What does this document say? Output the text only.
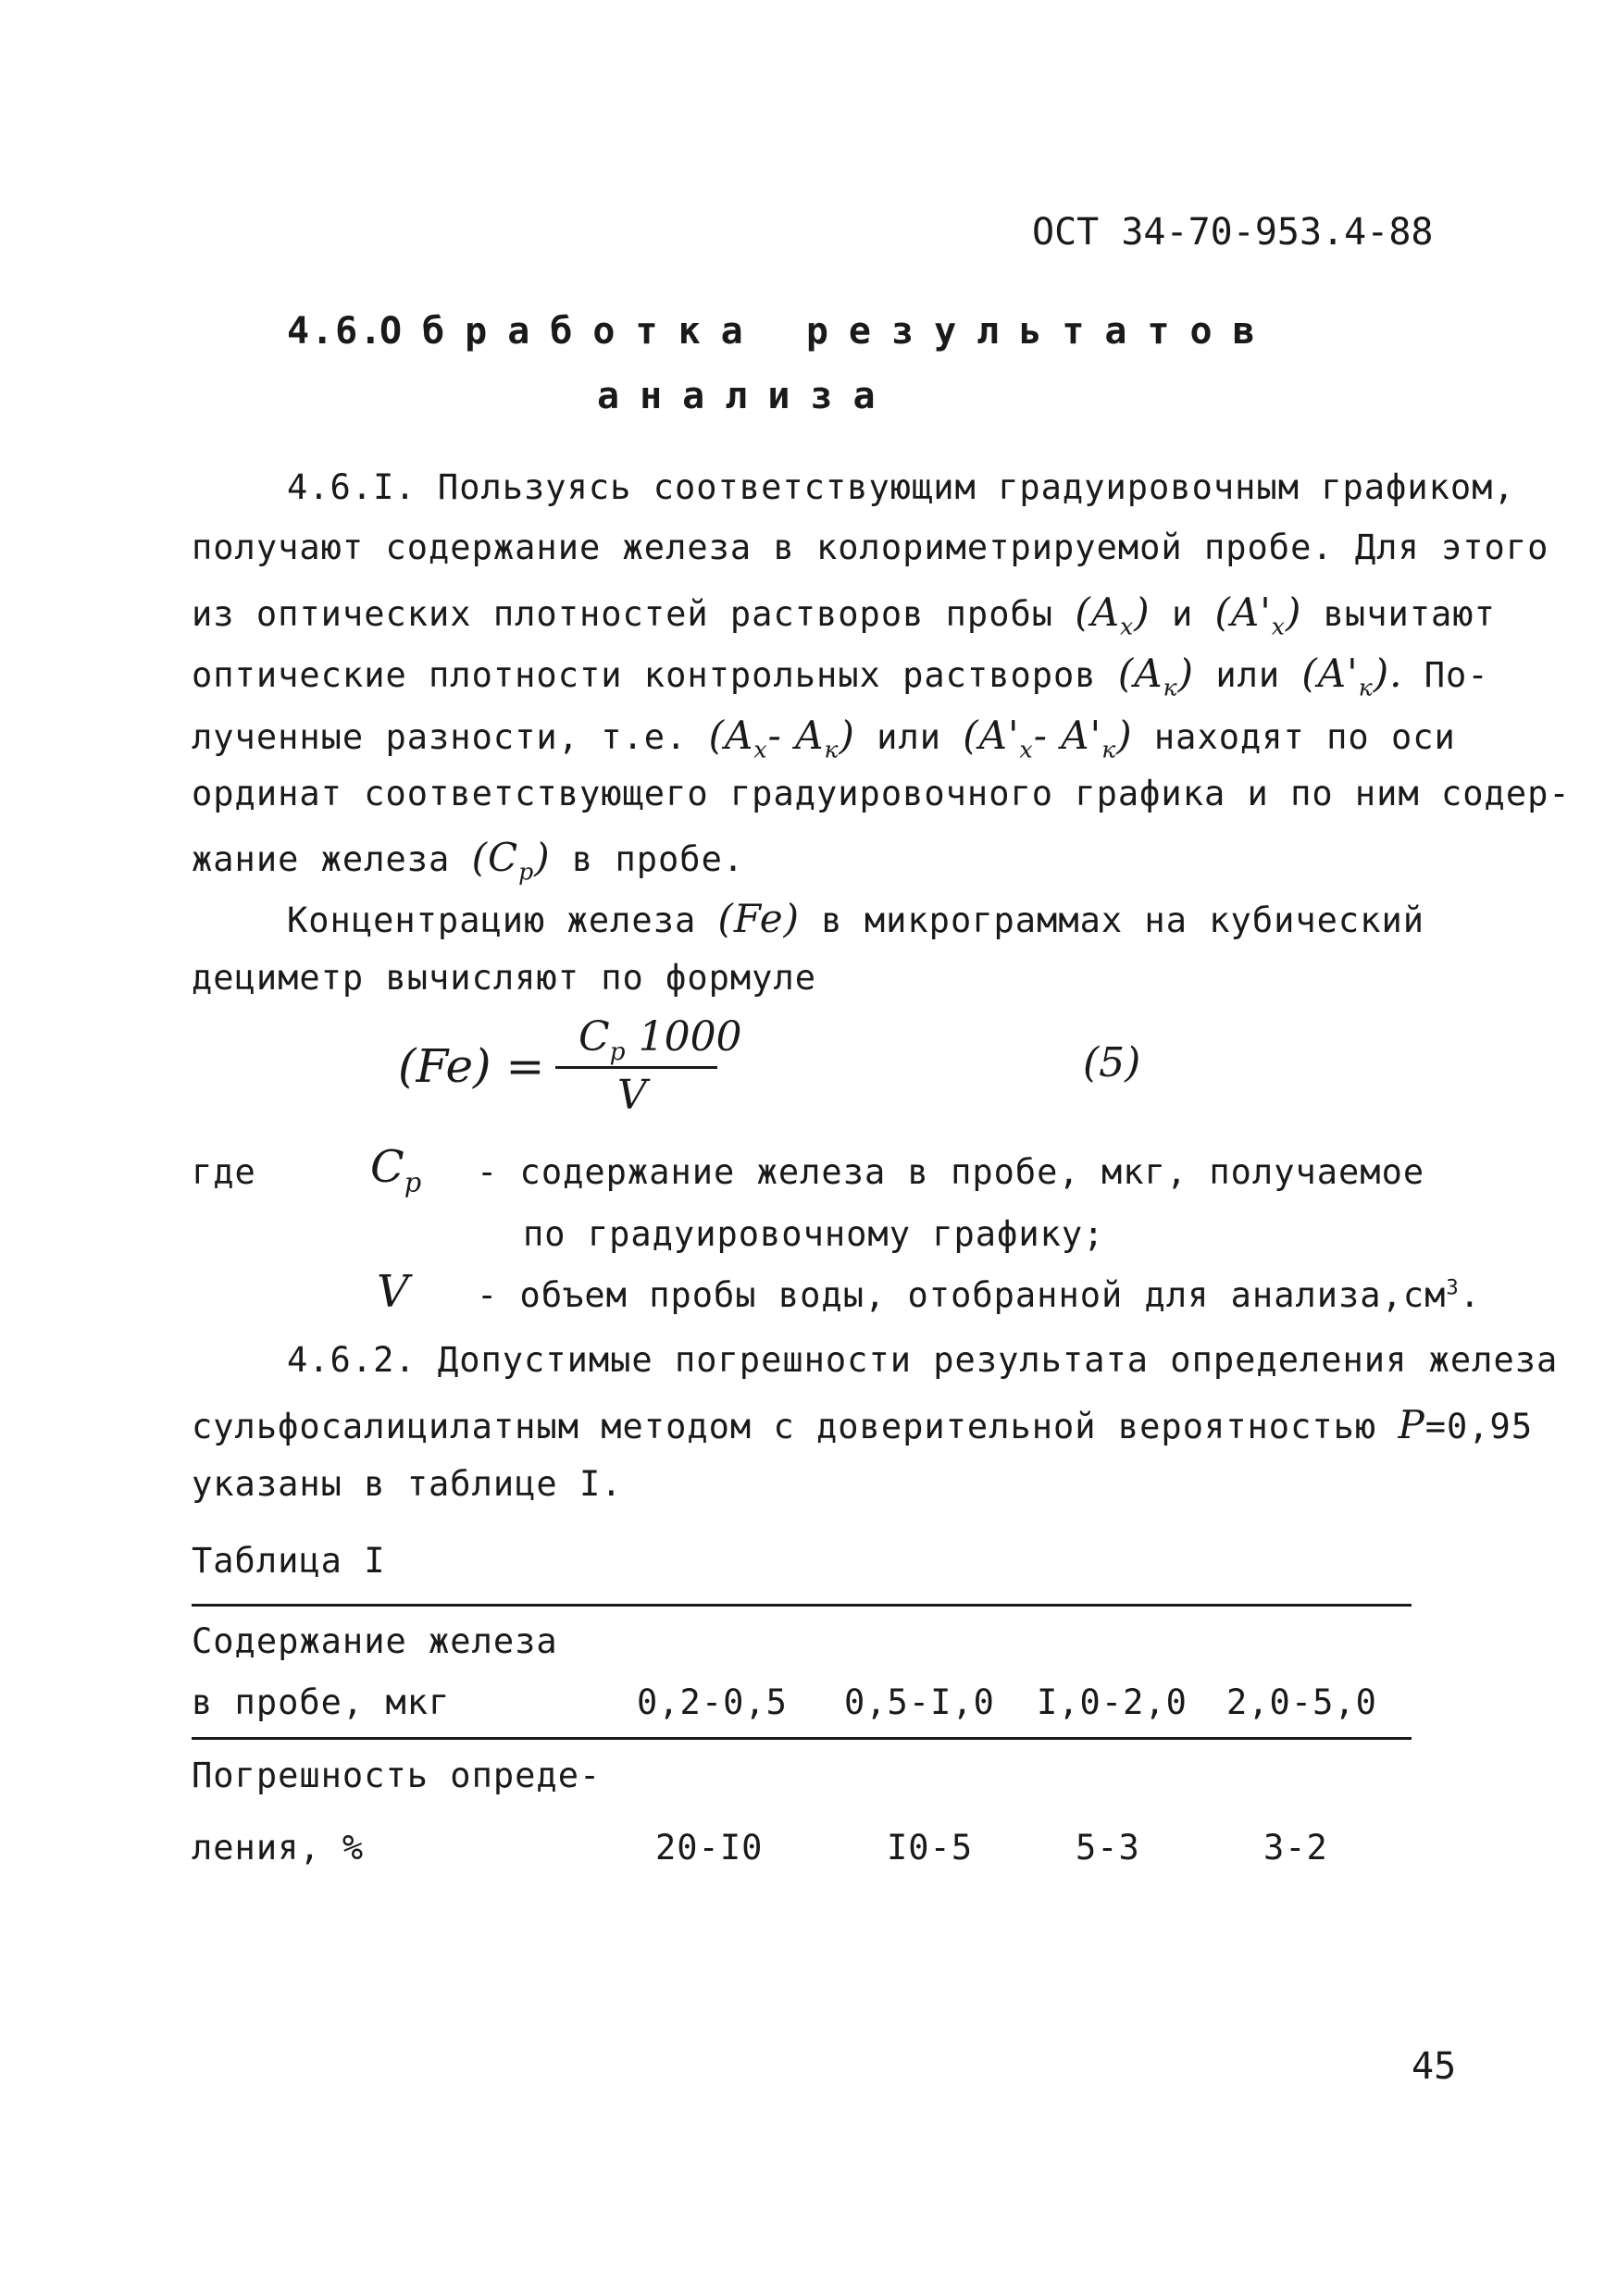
ОСТ 34-70-953.4-88
4.6.
Обработка результатов
анализа
4.6.I. Пользуясь соответствующим градуировочным графиком,
получают содержание железа в колориметрируемой пробе. Для этого
из оптических плотностей растворов пробы $(A_x)$ и $(A'_x)$ вычитают
оптические плотности контрольных растворов $(A_к)$ или $(A'_к)$. По-
лученные разности, т.е. ($A_x-$ $A_к$) или ($A'_x-$ $A'_к$) находят по оси
ординат соответствующего градуировочного графика и по ним содер-
жание железа $(C_p)$ в пробе.
Концентрацию железа (Fe) в микрограммах на кубический
дециметр вычисляют по формуле
(Fe) =
$C_p$ 1000
V
(5)
где	$C_p$ - содержание железа в пробе, мкг, получаемое
по градуировочному графику;
V - объем пробы воды, отобранной для $анализа,см^3$.
4.6.2. Допустимые погрешности результата определения железа
сульфосалицилатным методом с доверительной вероятностью P=0,95
указаны в таблице I.
Таблица I
Содержание железа
в пробе, мкг	0,2-0,5 0,5-I,0 I,0-2,0 2,0-5,0
Погрешность опреде-
ления, %	20-I0	I0-5	5-3	3-2
45
